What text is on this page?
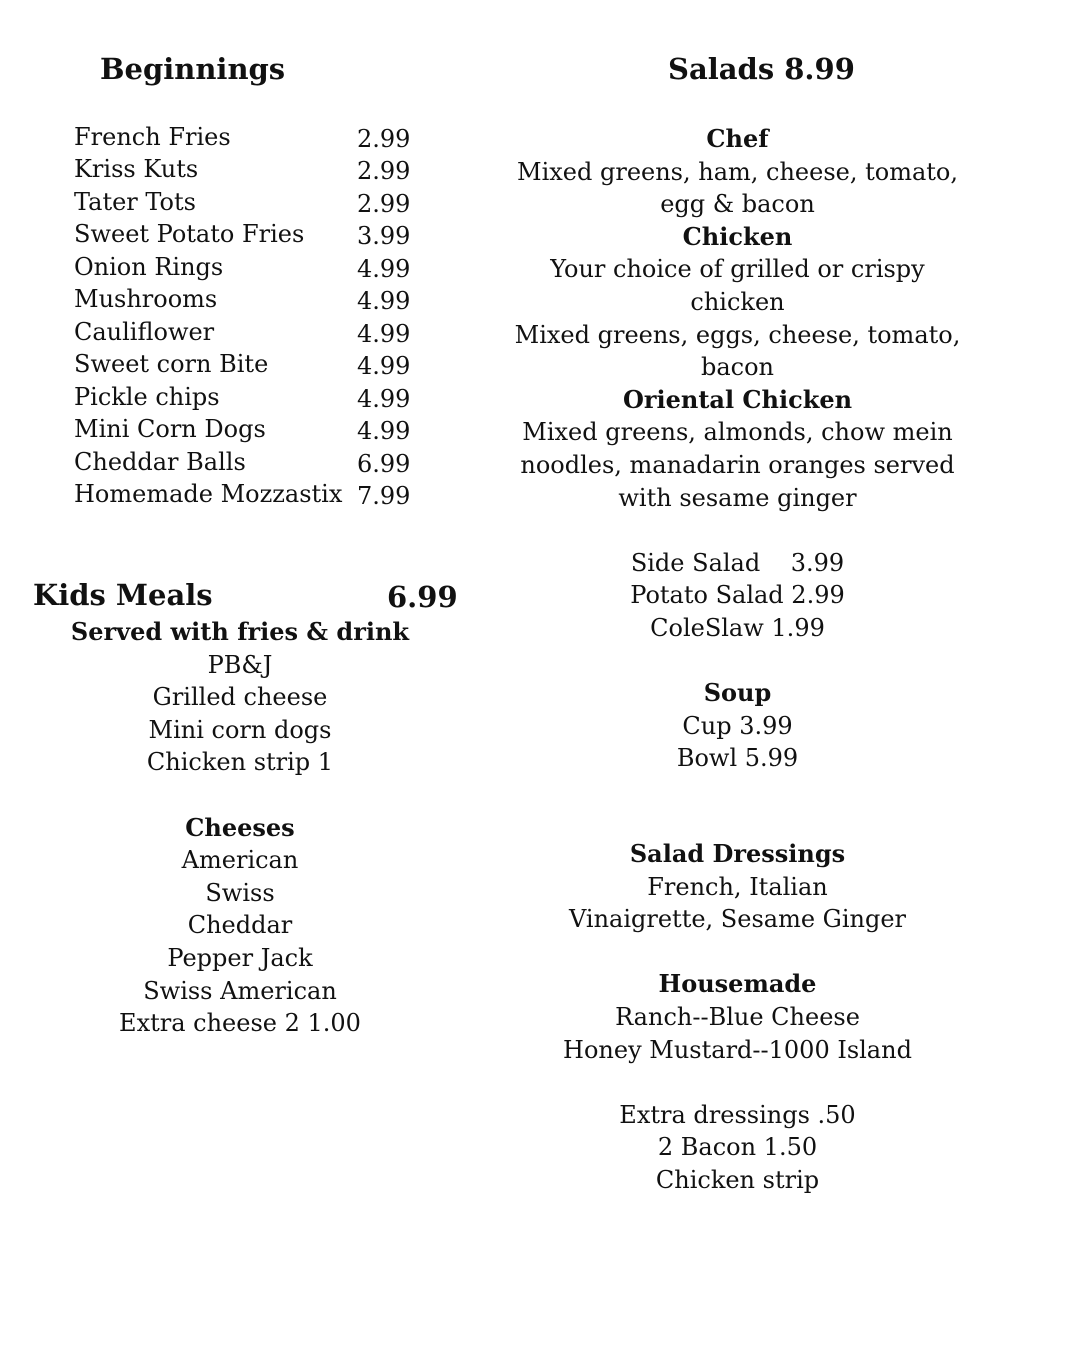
Beginnings
French Fries	2.99
Kriss Kuts	2.99
Tater Tots	2.99
Sweet Potato Fries 3.99
Onion Rings	4.99
Mushrooms	4.99
Cauliflower	4.99
Sweet corn Bite	4.99
Pickle chips	4.99
Mini Corn Dogs	4.99
Cheddar Balls	6.99
Homemade Mozzastix 7.99
Kids Meals	6.99
Served with fries & drink
PB&J
Grilled cheese
Mini corn dogs
Chicken strip 1
Cheeses
American
Swiss
Cheddar
Pepper Jack
Swiss American
Extra cheese 2 1.00
Salads 8.99
Chef
Mixed greens, ham, cheese, tomato,
egg & bacon
Chicken
Your choice of grilled or crispy
chicken
Mixed greens, eggs, cheese, tomato,
bacon
Oriental Chicken
Mixed greens, almonds, chow mein
noodles, manadarin oranges served
with sesame ginger
Side Salad    3.99
Potato Salad 2.99
ColeSlaw 1.99
Soup
Cup 3.99
Bowl 5.99
Salad Dressings
French, Italian
Vinaigrette, Sesame Ginger
Housemade
Ranch--Blue Cheese
Honey Mustard--1000 Island
Extra dressings .50
2 Bacon 1.50
Chicken strip
